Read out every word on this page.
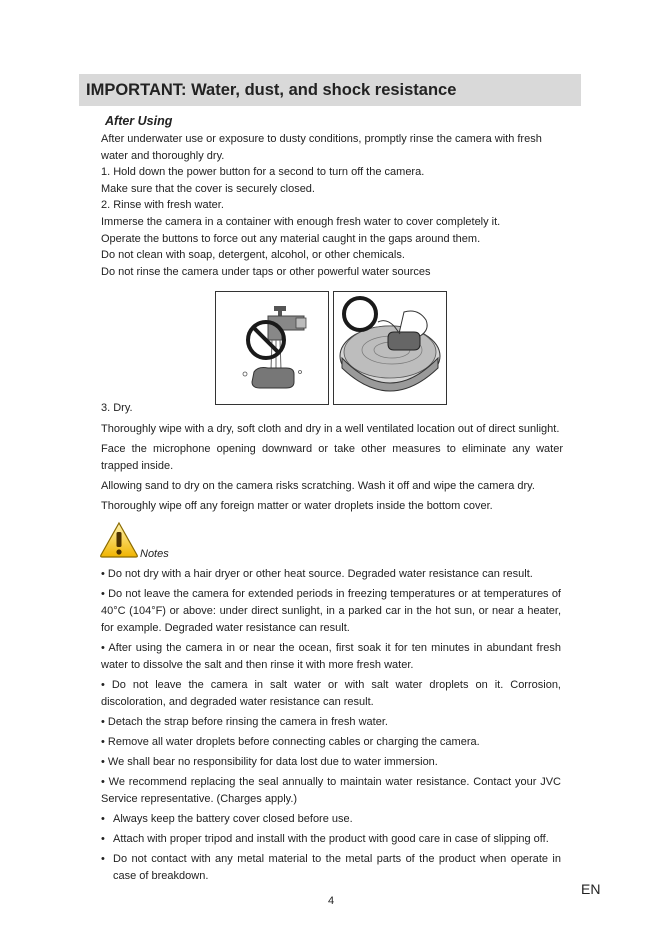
IMPORTANT: Water, dust, and shock resistance
After Using
After underwater use or exposure to dusty conditions, promptly rinse the camera with fresh
water and thoroughly dry.
1. Hold down the power button for a second to turn off the camera.
Make sure that the cover is securely closed.
2. Rinse with fresh water.
Immerse the camera in a container with enough fresh water to cover completely it.
Operate the buttons to force out any material caught in the gaps around them.
Do not clean with soap, detergent, alcohol, or other chemicals.
Do not rinse the camera under taps or other powerful water sources
3. Dry.

Thoroughly wipe with a dry, soft cloth and dry in a well ventilated location out of direct sunlight.

Face the microphone opening downward or take other measures to eliminate any water trapped inside.

Allowing sand to dry on the camera risks scratching. Wash it off and wipe the camera dry.

Thoroughly wipe off any foreign matter or water droplets inside the bottom cover.

Notes

• Do not dry with a hair dryer or other heat source. Degraded water resistance can result.

• Do not leave the camera for extended periods in freezing temperatures or at temperatures of 40°C (104°F) or above: under direct sunlight, in a parked car in the hot sun, or near a heater, for example. Degraded water resistance can result.

• After using the camera in or near the ocean, first soak it for ten minutes in abundant fresh water to dissolve the salt and then rinse it with more fresh water.

• Do not leave the camera in salt water or with salt water droplets on it. Corrosion, discoloration, and degraded water resistance can result.

• Detach the strap before rinsing the camera in fresh water.

• Remove all water droplets before connecting cables or charging the camera.

• We shall bear no responsibility for data lost due to water immersion.

• We recommend replacing the seal annually to maintain water resistance. Contact your JVC Service representative. (Charges apply.)

• Always keep the battery cover closed before use.
• Attach with proper tripod and install with the product with good care in case of slipping off.
• Do not contact with any metal material to the metal parts of the product when operate in case of breakdown.
4
EN
